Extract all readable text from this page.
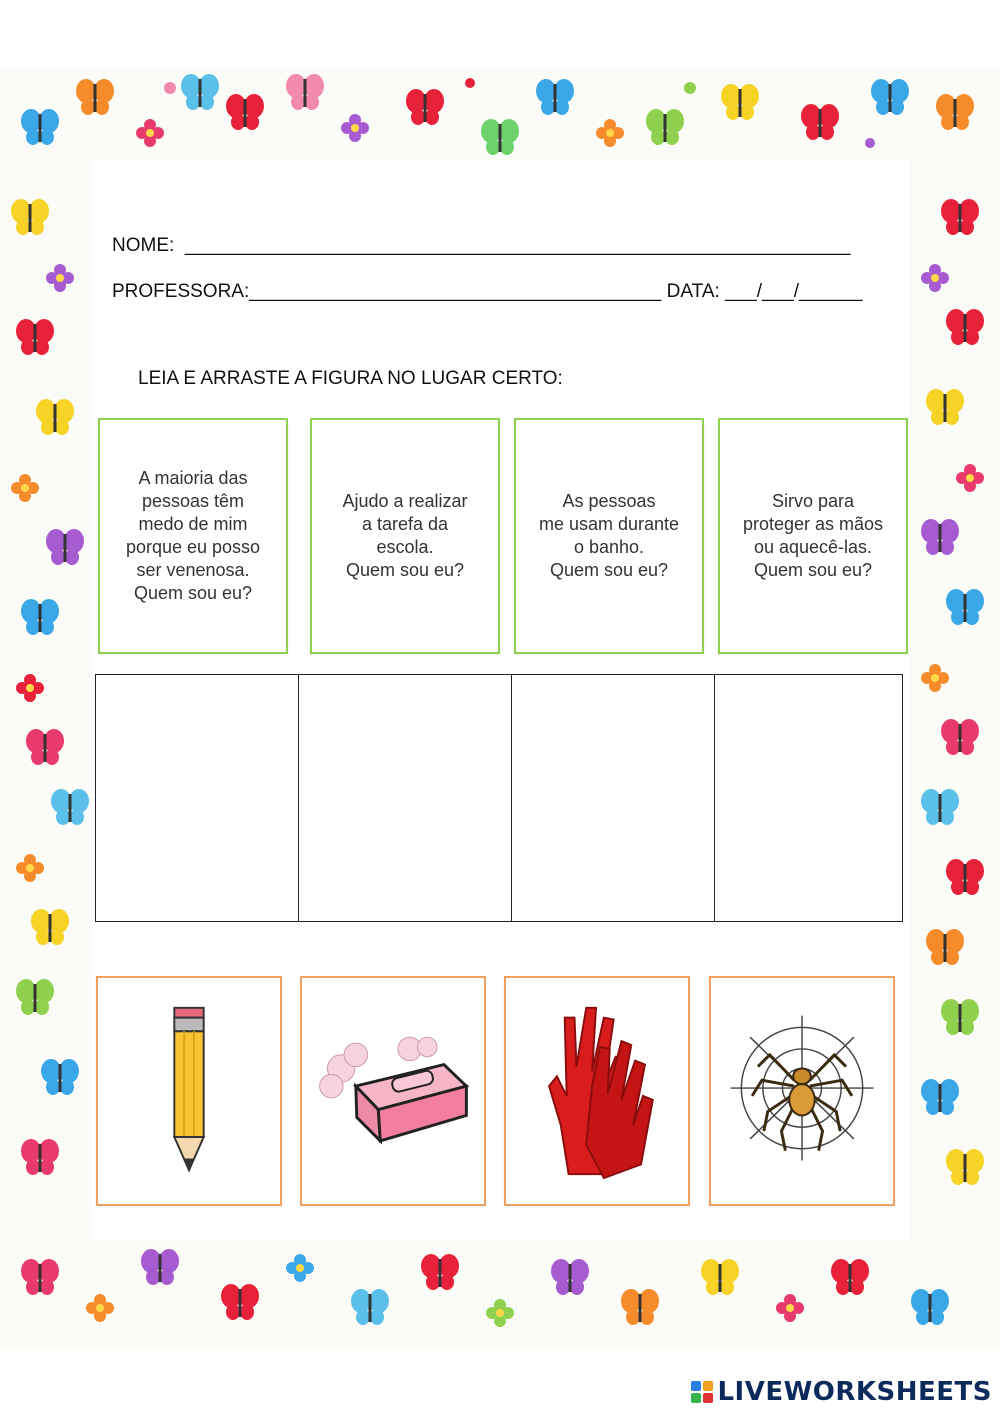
NOME:  _______________________________________________________________
PROFESSORA:_______________________________________ DATA: ___/___/______
LEIA E ARRASTE A FIGURA NO LUGAR CERTO:
A maioria das
pessoas têm
medo de mim
porque eu posso
ser venenosa.
Quem sou eu?
Ajudo a realizar
a tarefa da
escola.
Quem sou eu?
As pessoas
me usam durante
o banho.
Quem sou eu?
Sirvo para
proteger as mãos
ou aquecê-las.
Quem sou eu?
LIVEWORKSHEETS
